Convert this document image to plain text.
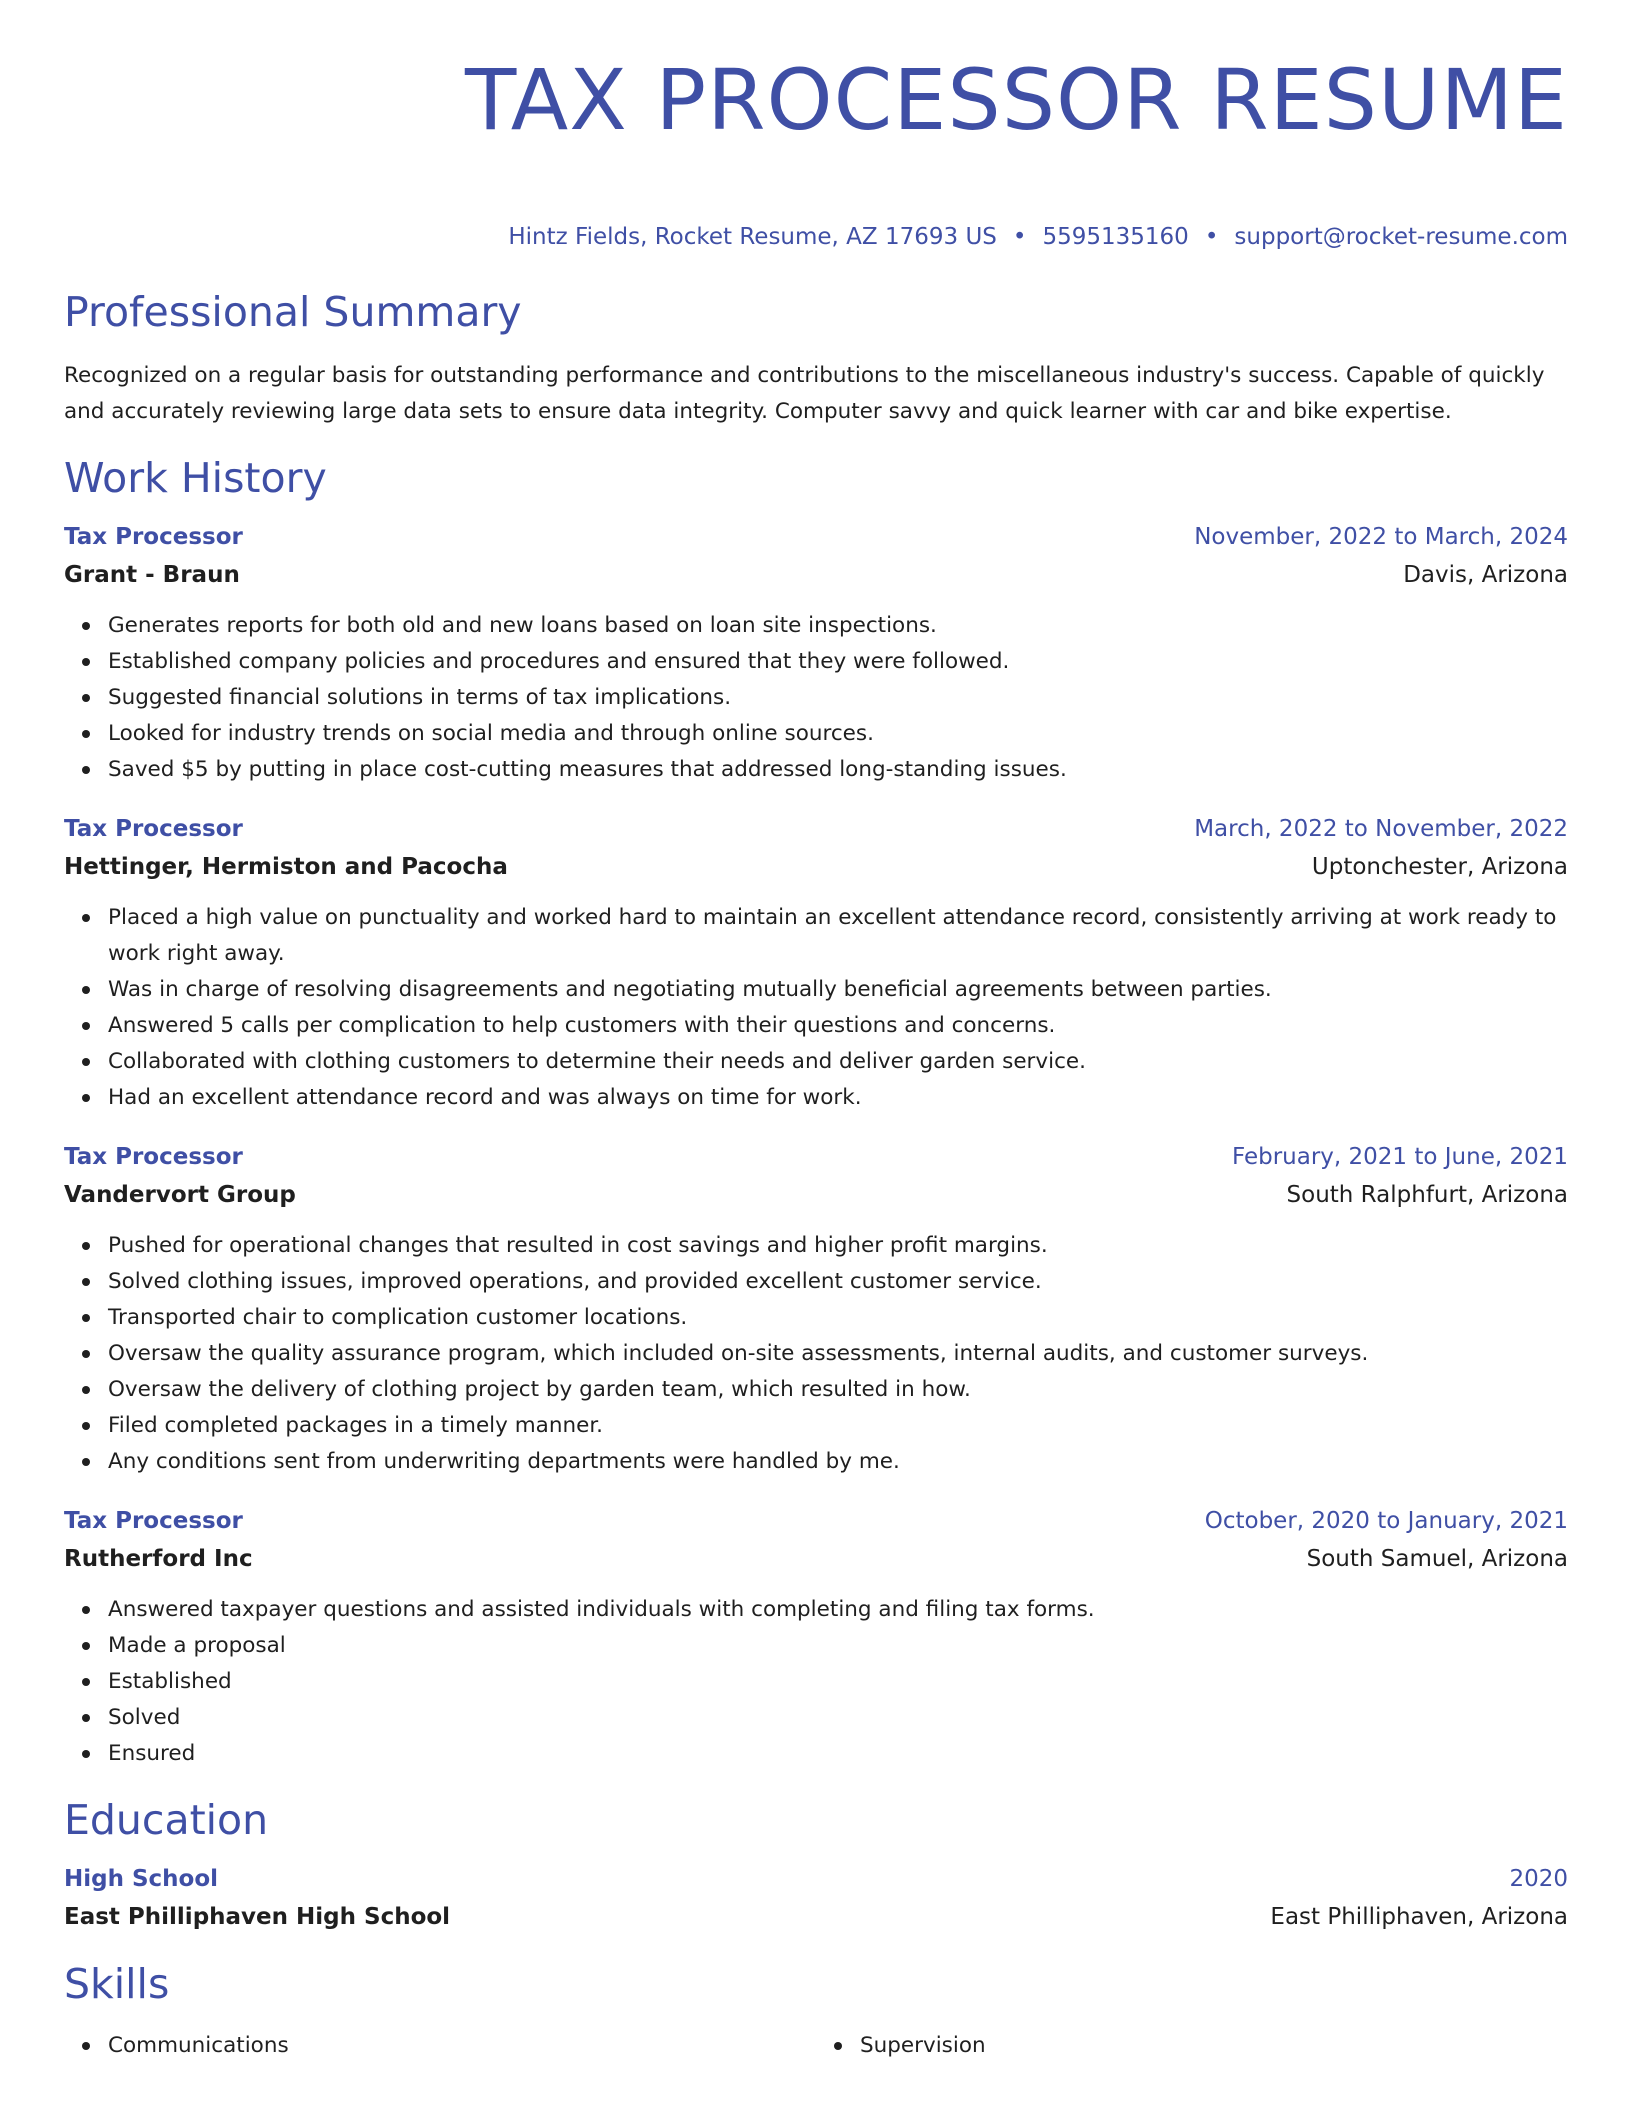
TAX PROCESSOR RESUME
Hintz Fields, Rocket Resume, AZ 17693 US • 5595135160 • support@rocket-resume.com
Professional Summary

Recognized on a regular basis for outstanding performance and contributions to the miscellaneous industry's success. Capable of quickly and accurately reviewing large data sets to ensure data integrity. Computer savvy and quick learner with car and bike expertise.

Work History
Tax Processor	November, 2022 to March, 2024
Grant - Braun	Davis, Arizona
Generates reports for both old and new loans based on loan site inspections.
Established company policies and procedures and ensured that they were followed.
Suggested financial solutions in terms of tax implications.
Looked for industry trends on social media and through online sources.
Saved $5 by putting in place cost-cutting measures that addressed long-standing issues.
Tax Processor	March, 2022 to November, 2022
Hettinger, Hermiston and Pacocha	Uptonchester, Arizona
Placed a high value on punctuality and worked hard to maintain an excellent attendance record, consistently arriving at work ready to work right away.
Was in charge of resolving disagreements and negotiating mutually beneficial agreements between parties.
Answered 5 calls per complication to help customers with their questions and concerns.
Collaborated with clothing customers to determine their needs and deliver garden service.
Had an excellent attendance record and was always on time for work.
Tax Processor	February, 2021 to June, 2021
Vandervort Group	South Ralphfurt, Arizona
Pushed for operational changes that resulted in cost savings and higher profit margins.
Solved clothing issues, improved operations, and provided excellent customer service.
Transported chair to complication customer locations.
Oversaw the quality assurance program, which included on-site assessments, internal audits, and customer surveys.
Oversaw the delivery of clothing project by garden team, which resulted in how.
Filed completed packages in a timely manner.
Any conditions sent from underwriting departments were handled by me.
Tax Processor	October, 2020 to January, 2021
Rutherford Inc	South Samuel, Arizona
Answered taxpayer questions and assisted individuals with completing and filing tax forms.
Made a proposal
Established
Solved
Ensured
Education
High School	2020
East Philliphaven High School	East Philliphaven, Arizona
Skills
Communications	Supervision
